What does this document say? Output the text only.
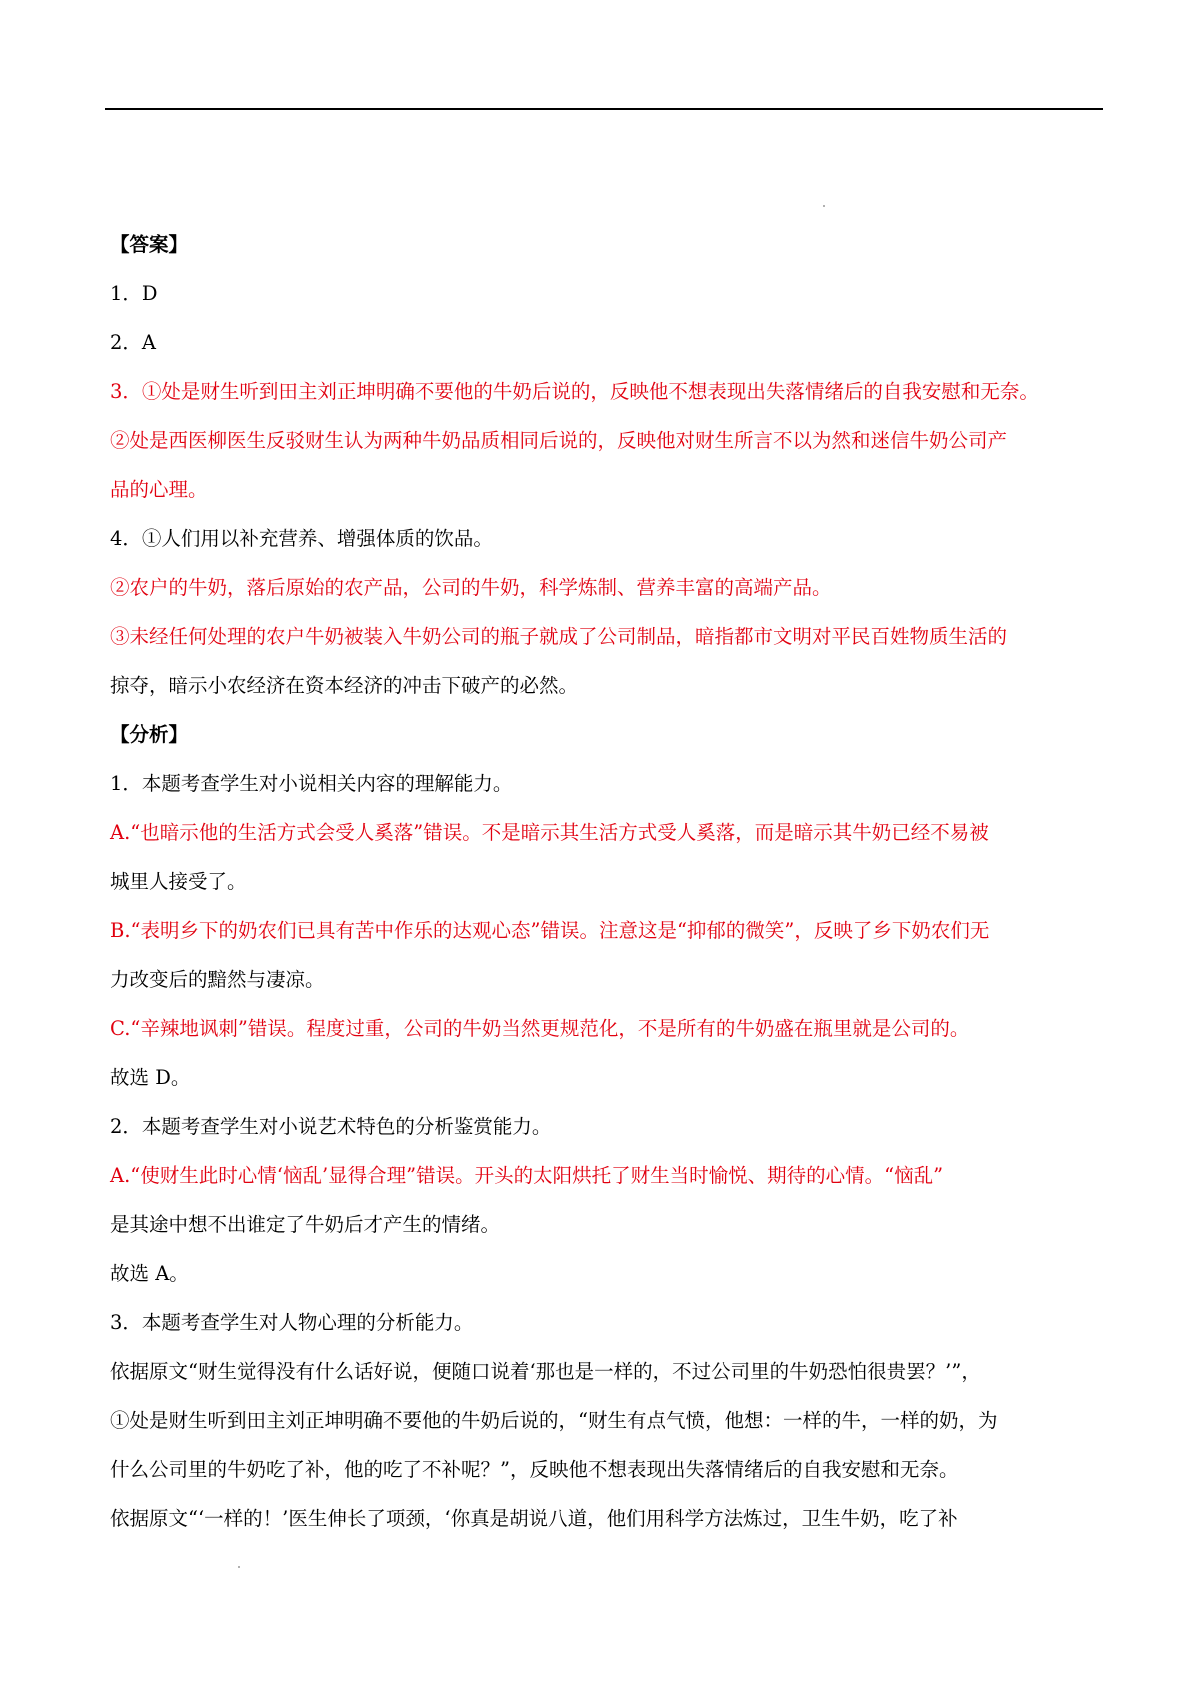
【答案】
1．D
2．A
3．①处是财生听到田主刘正坤明确不要他的牛奶后说的，反映他不想表现出失落情绪后的自我安慰和无奈。
②处是西医柳医生反驳财生认为两种牛奶品质相同后说的，反映他对财生所言不以为然和迷信牛奶公司产
品的心理。
4．①人们用以补充营养、增强体质的饮品。
②农户的牛奶，落后原始的农产品，公司的牛奶，科学炼制、营养丰富的高端产品。
③未经任何处理的农户牛奶被装入牛奶公司的瓶子就成了公司制品，暗指都市文明对平民百姓物质生活的
掠夺，暗示小农经济在资本经济的冲击下破产的必然。
【分析】
1．本题考查学生对小说相关内容的理解能力。
A.“也暗示他的生活方式会受人奚落”错误。不是暗示其生活方式受人奚落，而是暗示其牛奶已经不易被
城里人接受了。
B.“表明乡下的奶农们已具有苦中作乐的达观心态”错误。注意这是“抑郁的微笑”，反映了乡下奶农们无
力改变后的黯然与凄凉。
C.“辛辣地讽刺”错误。程度过重，公司的牛奶当然更规范化，不是所有的牛奶盛在瓶里就是公司的。
故选 D。
2．本题考查学生对小说艺术特色的分析鉴赏能力。
A.“使财生此时心情‘恼乱’显得合理”错误。开头的太阳烘托了财生当时愉悦、期待的心情。“恼乱”
是其途中想不出谁定了牛奶后才产生的情绪。
故选 A。
3．本题考查学生对人物心理的分析能力。
依据原文“财生觉得没有什么话好说，便随口说着‘那也是一样的，不过公司里的牛奶恐怕很贵罢？’”，
①处是财生听到田主刘正坤明确不要他的牛奶后说的，“财生有点气愤，他想：一样的牛，一样的奶，为
什么公司里的牛奶吃了补，他的吃了不补呢？”，反映他不想表现出失落情绪后的自我安慰和无奈。
依据原文“‘一样的！’医生伸长了项颈，‘你真是胡说八道，他们用科学方法炼过，卫生牛奶，吃了补
